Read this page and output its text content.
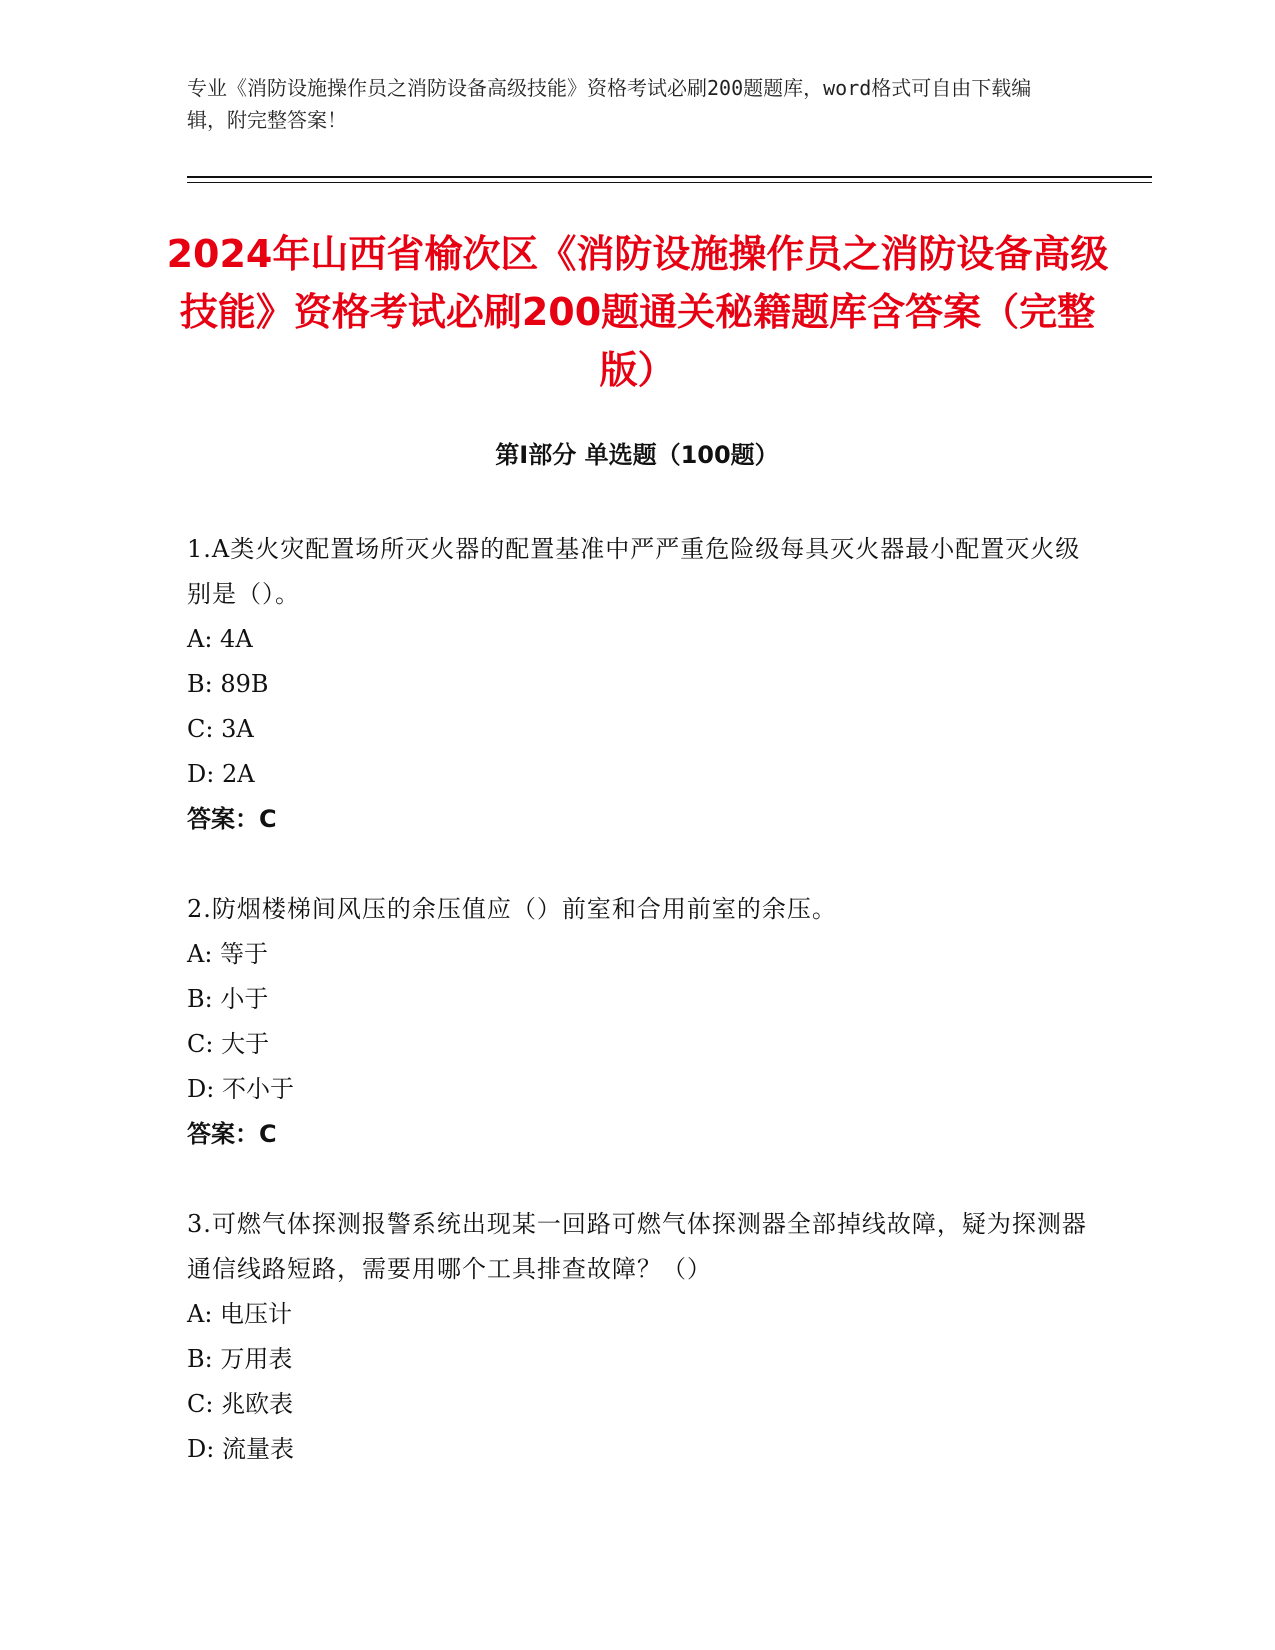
专业《消防设施操作员之消防设备高级技能》资格考试必刷200题题库，word格式可自由下载编辑，附完整答案！
2024年山西省榆次区《消防设施操作员之消防设备高级技能》资格考试必刷200题通关秘籍题库含答案（完整版）
第Ⅰ部分 单选题（100题）
1.A类火灾配置场所灭火器的配置基准中严严重危险级每具灭火器最小配置灭火级别是（）。
A: 4A
B: 89B
C: 3A
D: 2A
答案：C
2.防烟楼梯间风压的余压值应（）前室和合用前室的余压。
A: 等于
B: 小于
C: 大于
D: 不小于
答案：C
3.可燃气体探测报警系统出现某一回路可燃气体探测器全部掉线故障，疑为探测器通信线路短路，需要用哪个工具排查故障？（）
A: 电压计
B: 万用表
C: 兆欧表
D: 流量表
